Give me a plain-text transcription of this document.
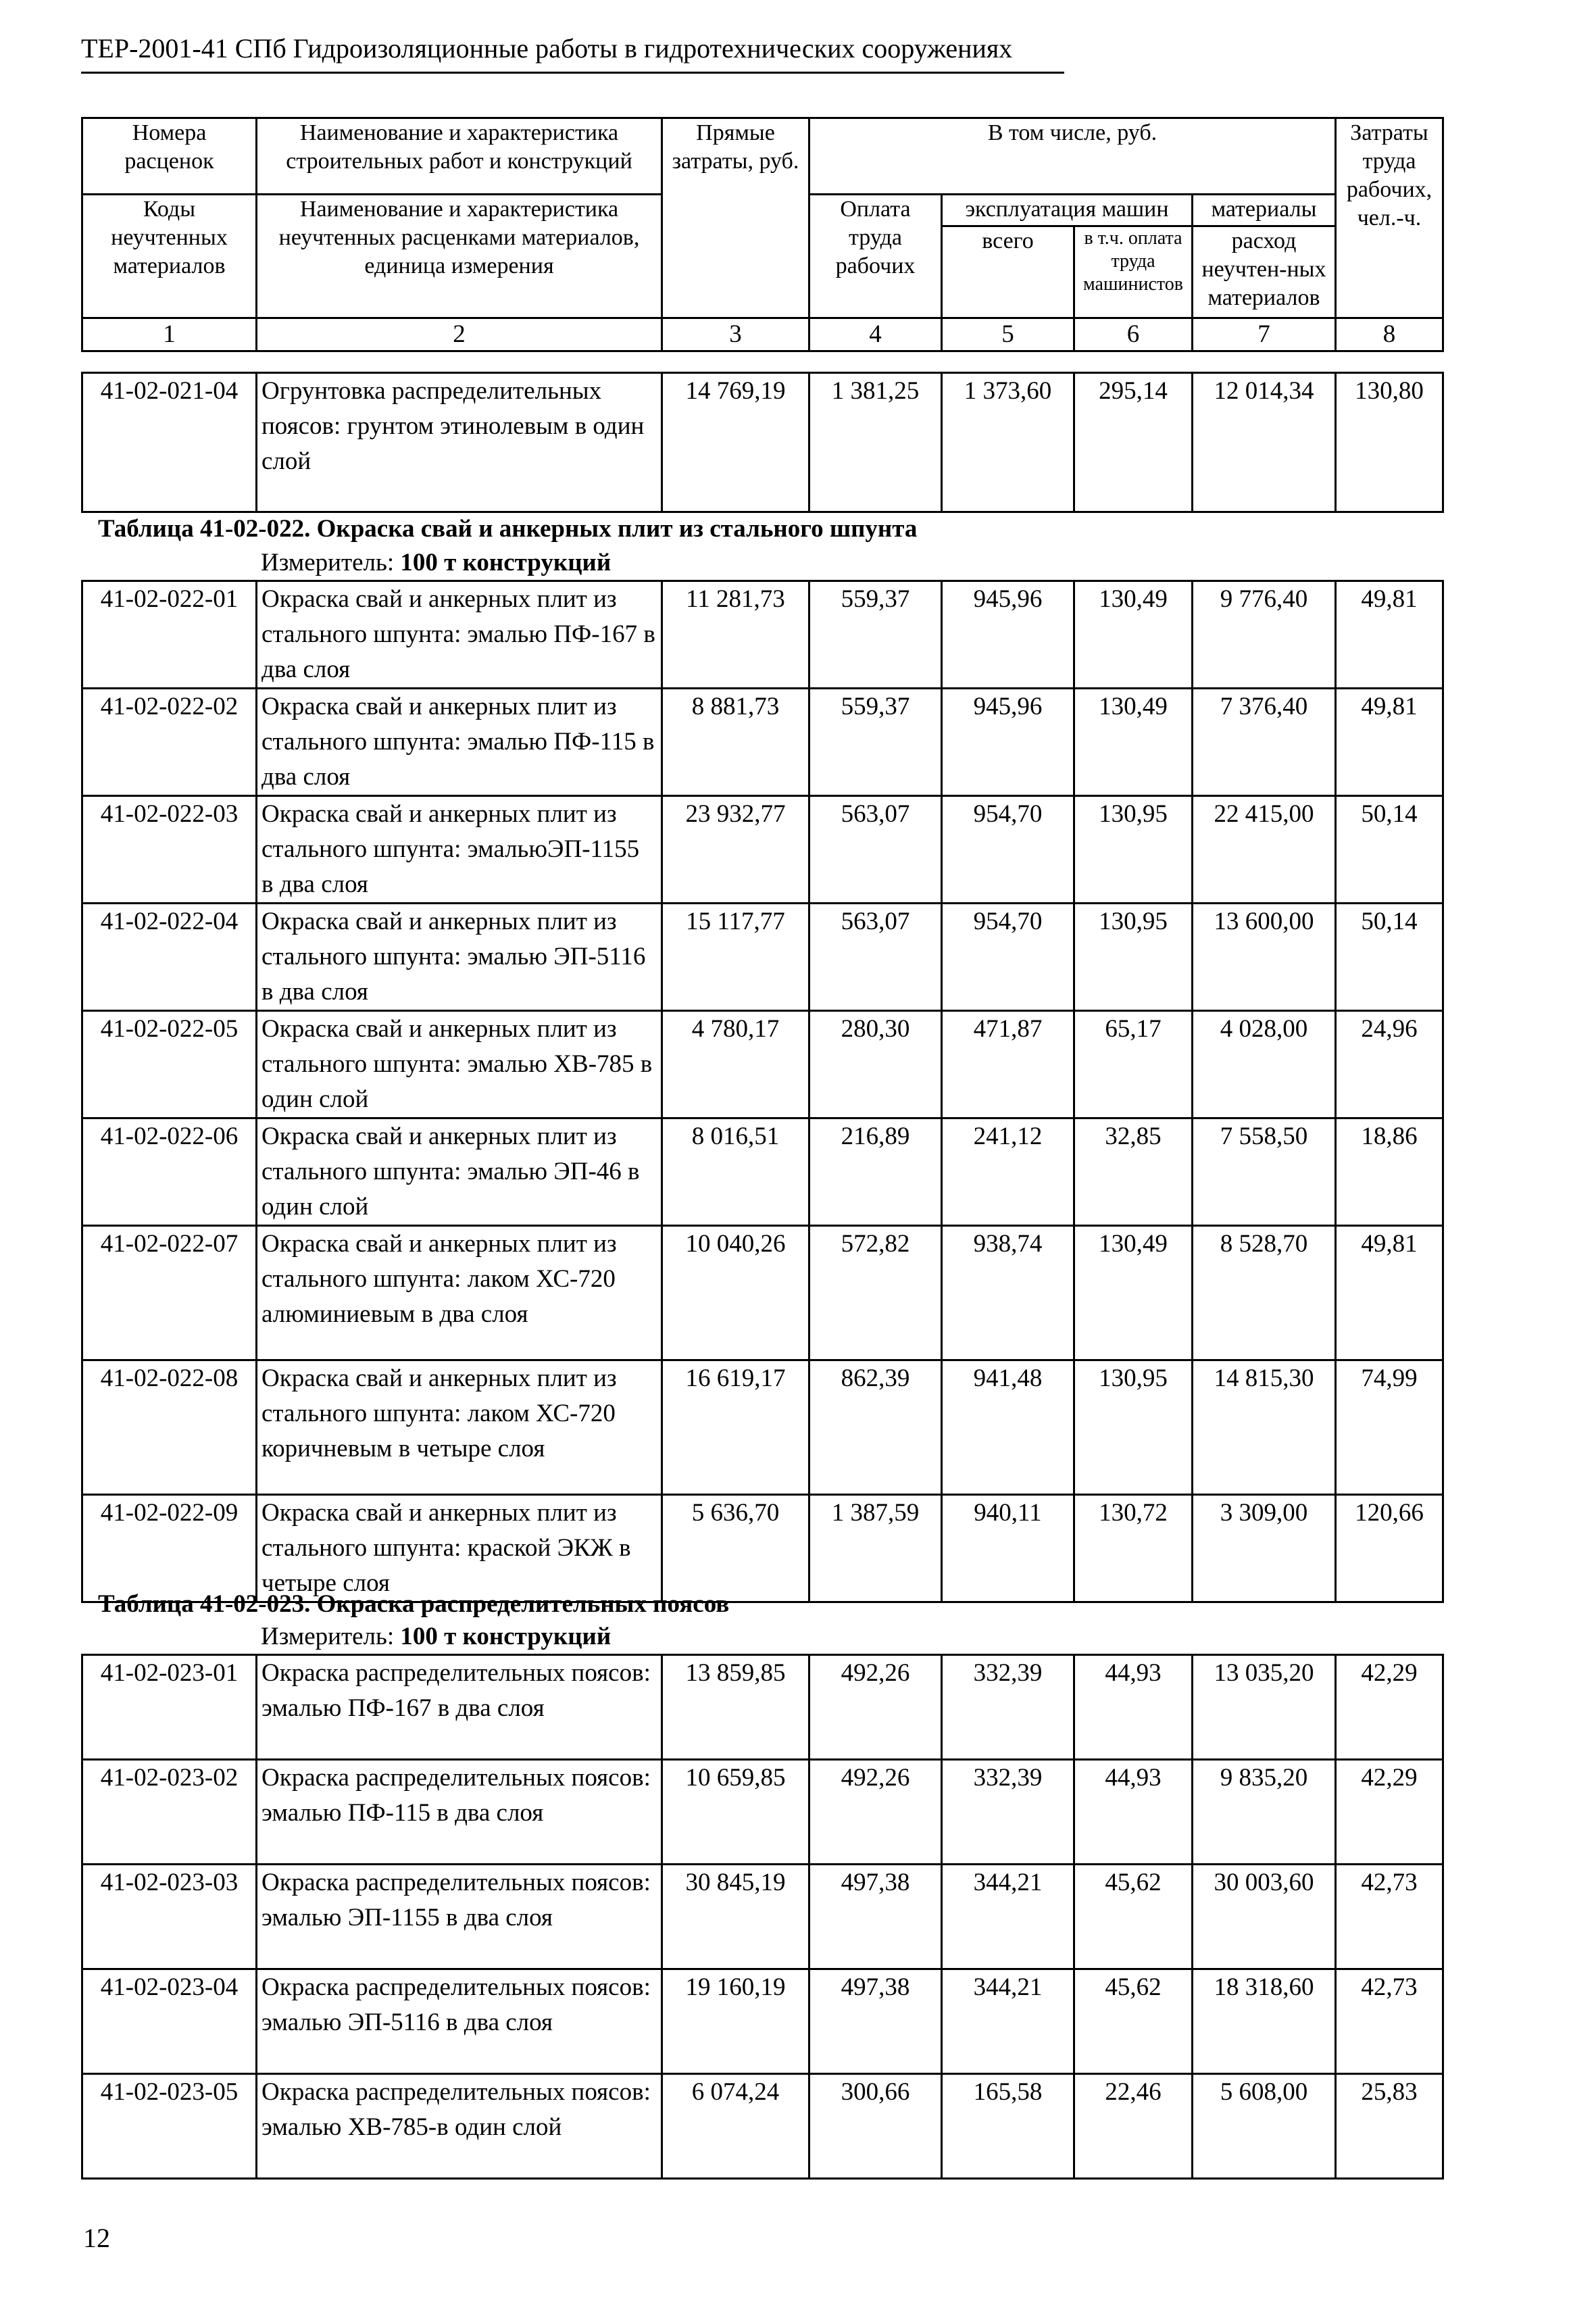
ТЕР-2001-41 СПб Гидроизоляционные работы в гидротехнических сооружениях
Номера расценок	Наименование и характеристика строительных работ и конструкций	Прямые затраты, руб.	В том числе, руб.				Затраты труда рабочих, чел.-ч.
Коды неучтенных материалов	Наименование и характеристика неучтенных расценками материалов, единица измерения		Оплата труда рабочих	эксплуатация машин		материалы	
				всего	в т.ч. оплата труда машинистов	расход неучтен-ных материалов	

1	2	3	4	5	6	7	8
41-02-021-04	Огрунтовка распределительных поясов: грунтом этинолевым в один слой	14 769,19	1 381,25	1 373,60	295,14	12 014,34	130,80
Таблица 41-02-022. Окраска свай и анкерных плит из стального шпунта
Измеритель: 100 т конструкций
41-02-022-01	Окраска свай и анкерных плит из стального шпунта: эмалью ПФ-167 в два слоя	11 281,73	559,37	945,96	130,49	9 776,40	49,81
41-02-022-02	Окраска свай и анкерных плит из стального шпунта: эмалью ПФ-115 в два слоя	8 881,73	559,37	945,96	130,49	7 376,40	49,81
41-02-022-03	Окраска свай и анкерных плит из стального шпунта: эмальюЭП-1155 в два слоя	23 932,77	563,07	954,70	130,95	22 415,00	50,14
41-02-022-04	Окраска свай и анкерных плит из стального шпунта: эмалью ЭП-5116 в два слоя	15 117,77	563,07	954,70	130,95	13 600,00	50,14
41-02-022-05	Окраска свай и анкерных плит из стального шпунта: эмалью ХВ-785 в один слой	4 780,17	280,30	471,87	65,17	4 028,00	24,96
41-02-022-06	Окраска свай и анкерных плит из стального шпунта: эмалью ЭП-46 в один слой	8 016,51	216,89	241,12	32,85	7 558,50	18,86
41-02-022-07	Окраска свай и анкерных плит из стального шпунта: лаком ХС-720 алюминиевым в два слоя	10 040,26	572,82	938,74	130,49	8 528,70	49,81
41-02-022-08	Окраска свай и анкерных плит из стального шпунта: лаком ХС-720 коричневым в четыре слоя	16 619,17	862,39	941,48	130,95	14 815,30	74,99
41-02-022-09	Окраска свай и анкерных плит из стального шпунта: краской ЭКЖ в четыре слоя	5 636,70	1 387,59	940,11	130,72	3 309,00	120,66
Таблица 41-02-023. Окраска распределительных поясов
Измеритель: 100 т конструкций
41-02-023-01	Окраска распределительных поясов: эмалью ПФ-167 в два слоя	13 859,85	492,26	332,39	44,93	13 035,20	42,29
41-02-023-02	Окраска распределительных поясов: эмалью ПФ-115 в два слоя	10 659,85	492,26	332,39	44,93	9 835,20	42,29
41-02-023-03	Окраска распределительных поясов: эмалью ЭП-1155 в два слоя	30 845,19	497,38	344,21	45,62	30 003,60	42,73
41-02-023-04	Окраска распределительных поясов: эмалью ЭП-5116 в два слоя	19 160,19	497,38	344,21	45,62	18 318,60	42,73
41-02-023-05	Окраска распределительных поясов: эмалью ХВ-785-в один слой	6 074,24	300,66	165,58	22,46	5 608,00	25,83
12
